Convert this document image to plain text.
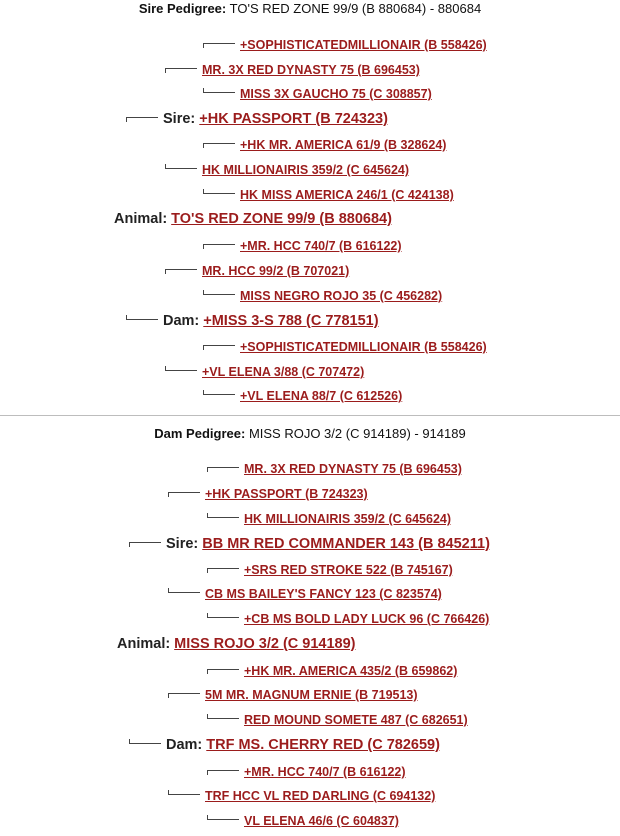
Sire Pedigree: TO'S RED ZONE 99/9 (B 880684) - 880684
+SOPHISTICATEDMILLIONAIR (B 558426)
MR. 3X RED DYNASTY 75 (B 696453)
MISS 3X GAUCHO 75 (C 308857)
Sire: +HK PASSPORT (B 724323)
+HK MR. AMERICA 61/9 (B 328624)
HK MILLIONAIRIS 359/2 (C 645624)
HK MISS AMERICA 246/1 (C 424138)
Animal: TO'S RED ZONE 99/9 (B 880684)
+MR. HCC 740/7 (B 616122)
MR. HCC 99/2 (B 707021)
MISS NEGRO ROJO 35 (C 456282)
Dam: +MISS 3-S 788 (C 778151)
+SOPHISTICATEDMILLIONAIR (B 558426)
+VL ELENA 3/88 (C 707472)
+VL ELENA 88/7 (C 612526)
Dam Pedigree: MISS ROJO 3/2 (C 914189) - 914189
MR. 3X RED DYNASTY 75 (B 696453)
+HK PASSPORT (B 724323)
HK MILLIONAIRIS 359/2 (C 645624)
Sire: BB MR RED COMMANDER 143 (B 845211)
+SRS RED STROKE 522 (B 745167)
CB MS BAILEY'S FANCY 123 (C 823574)
+CB MS BOLD LADY LUCK 96 (C 766426)
Animal: MISS ROJO 3/2 (C 914189)
+HK MR. AMERICA 435/2 (B 659862)
5M MR. MAGNUM ERNIE (B 719513)
RED MOUND SOMETE 487 (C 682651)
Dam: TRF MS. CHERRY RED (C 782659)
+MR. HCC 740/7 (B 616122)
TRF HCC VL RED DARLING (C 694132)
VL ELENA 46/6 (C 604837)
